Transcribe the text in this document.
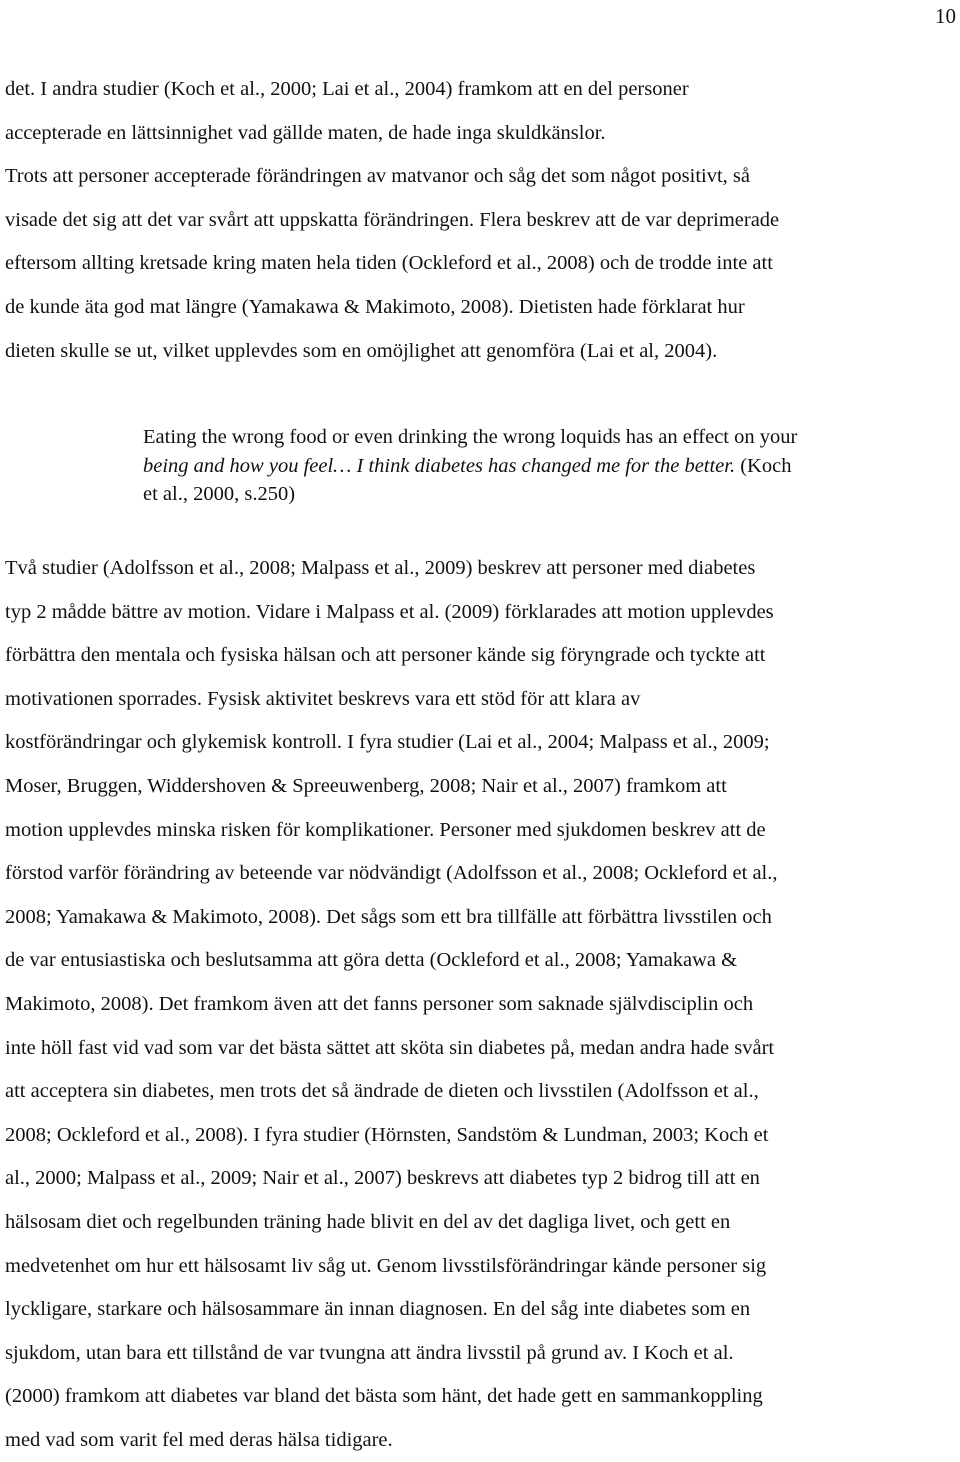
10

det. I andra studier (Koch et al., 2000; Lai et al., 2004) framkom att en del personer
accepterade en lättsinnighet vad gällde maten, de hade inga skuldkänslor.
Trots att personer accepterade förändringen av matvanor och såg det som något positivt, så
visade det sig att det var svårt att uppskatta förändringen. Flera beskrev att de var deprimerade
eftersom allting kretsade kring maten hela tiden (Ockleford et al., 2008) och de trodde inte att
de kunde äta god mat längre (Yamakawa & Makimoto, 2008). Dietisten hade förklarat hur
dieten skulle se ut, vilket upplevdes som en omöjlighet att genomföra (Lai et al, 2004).

Eating the wrong food or even drinking the wrong loquids has an effect on your
being and how you feel… I think diabetes has changed me for the better. (Koch
et al., 2000, s.250)

Två studier (Adolfsson et al., 2008; Malpass et al., 2009) beskrev att personer med diabetes
typ 2 mådde bättre av motion. Vidare i Malpass et al. (2009) förklarades att motion upplevdes
förbättra den mentala och fysiska hälsan och att personer kände sig föryngrade och tyckte att
motivationen sporrades. Fysisk aktivitet beskrevs vara ett stöd för att klara av
kostförändringar och glykemisk kontroll. I fyra studier (Lai et al., 2004; Malpass et al., 2009;
Moser, Bruggen, Widdershoven & Spreeuwenberg, 2008; Nair et al., 2007) framkom att
motion upplevdes minska risken för komplikationer. Personer med sjukdomen beskrev att de
förstod varför förändring av beteende var nödvändigt (Adolfsson et al., 2008; Ockleford et al.,
2008; Yamakawa & Makimoto, 2008). Det sågs som ett bra tillfälle att förbättra livsstilen och
de var entusiastiska och beslutsamma att göra detta (Ockleford et al., 2008; Yamakawa &
Makimoto, 2008). Det framkom även att det fanns personer som saknade självdisciplin och
inte höll fast vid vad som var det bästa sättet att sköta sin diabetes på, medan andra hade svårt
att acceptera sin diabetes, men trots det så ändrade de dieten och livsstilen (Adolfsson et al.,
2008; Ockleford et al., 2008). I fyra studier (Hörnsten, Sandstöm & Lundman, 2003; Koch et
al., 2000; Malpass et al., 2009; Nair et al., 2007) beskrevs att diabetes typ 2 bidrog till att en
hälsosam diet och regelbunden träning hade blivit en del av det dagliga livet, och gett en
medvetenhet om hur ett hälsosamt liv såg ut. Genom livsstilsförändringar kände personer sig
lyckligare, starkare och hälsosammare än innan diagnosen. En del såg inte diabetes som en
sjukdom, utan bara ett tillstånd de var tvungna att ändra livsstil på grund av. I Koch et al.
(2000) framkom att diabetes var bland det bästa som hänt, det hade gett en sammankoppling
med vad som varit fel med deras hälsa tidigare.
